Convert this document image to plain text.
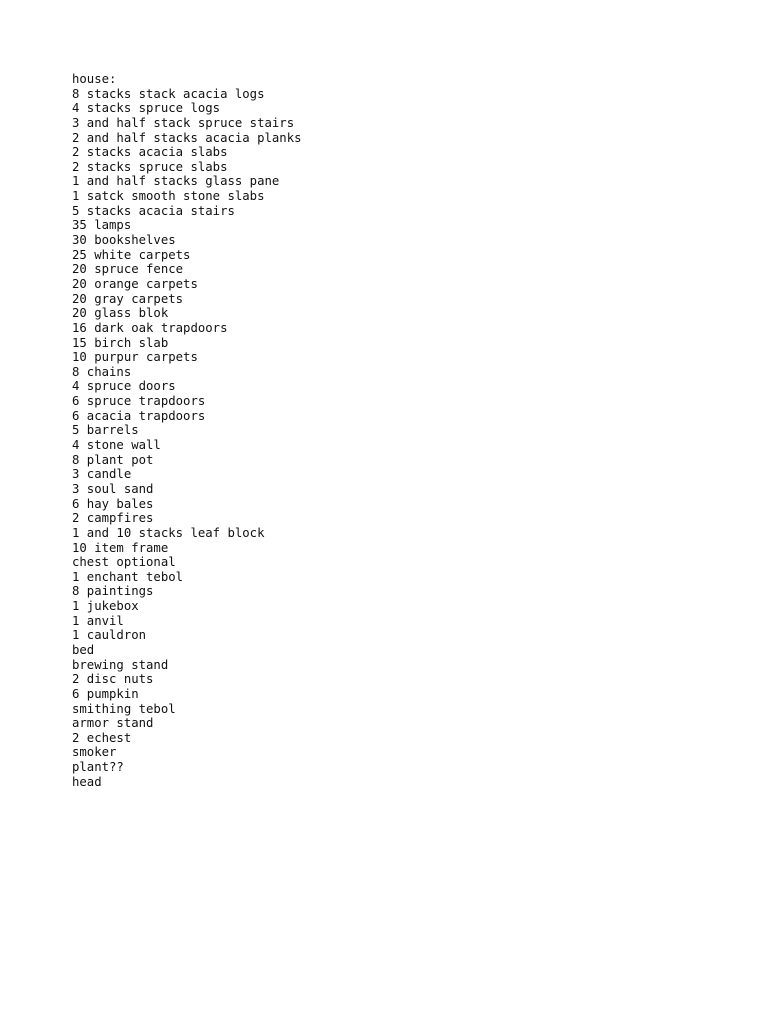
house:
8 stacks stack acacia logs
4 stacks spruce logs
3 and half stack spruce stairs
2 and half stacks acacia planks
2 stacks acacia slabs
2 stacks spruce slabs
1 and half stacks glass pane
1 satck smooth stone slabs
5 stacks acacia stairs
35 lamps
30 bookshelves
25 white carpets
20 spruce fence
20 orange carpets
20 gray carpets
20 glass blok
16 dark oak trapdoors
15 birch slab
10 purpur carpets
8 chains
4 spruce doors
6 spruce trapdoors
6 acacia trapdoors
5 barrels
4 stone wall
8 plant pot
3 candle
3 soul sand
6 hay bales
2 campfires
1 and 10 stacks leaf block
10 item frame
chest optional
1 enchant tebol
8 paintings
1 jukebox
1 anvil
1 cauldron
bed
brewing stand
2 disc nuts
6 pumpkin
smithing tebol
armor stand
2 echest
smoker
plant??
head
